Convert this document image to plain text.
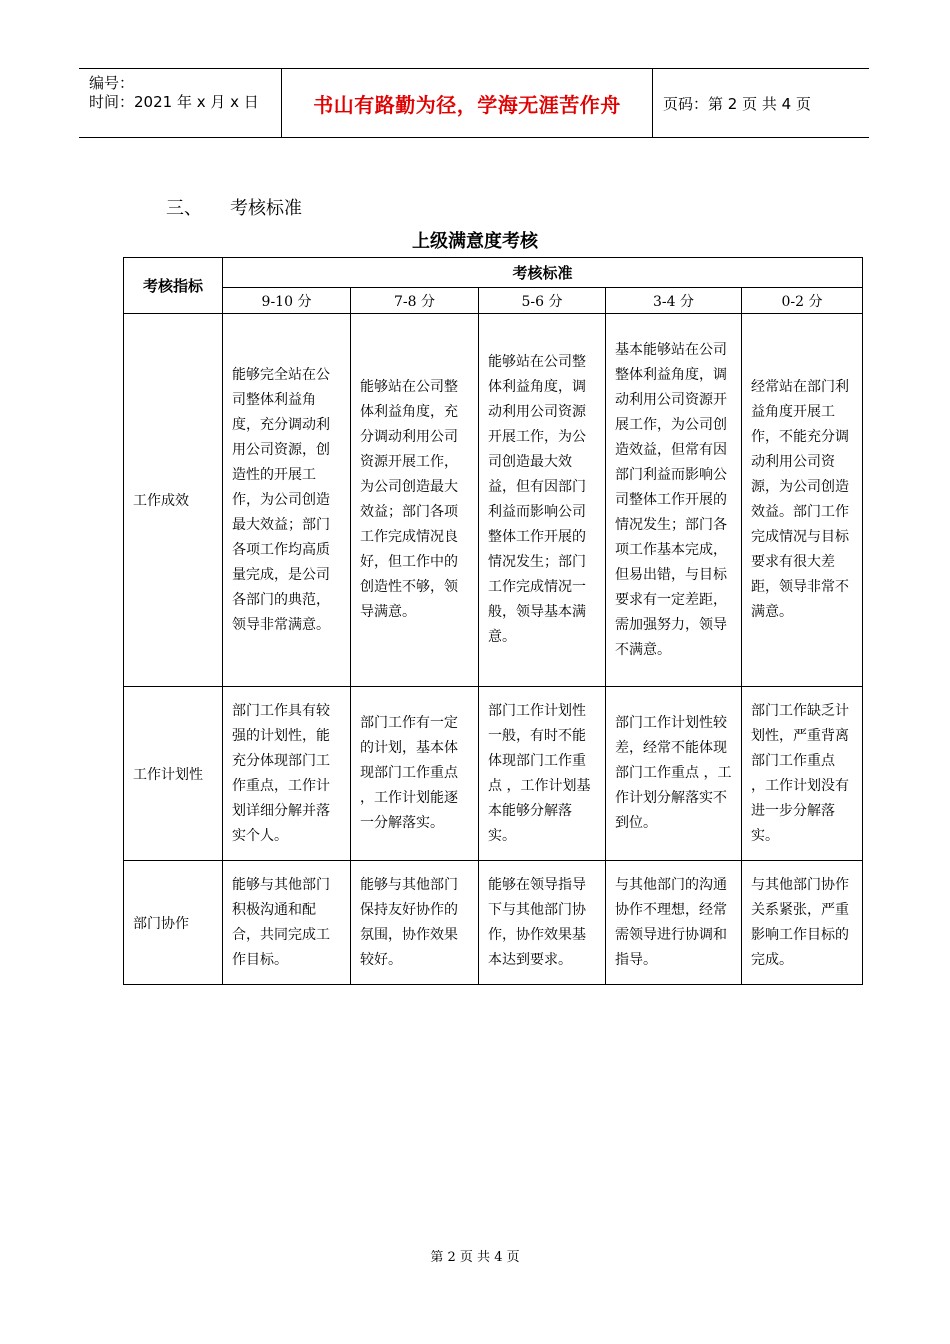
编号：
时间：2021 年 x 月 x 日	书山有路勤为径，学海无涯苦作舟	页码：第 2 页 共 4 页
三、 考核标准
上级满意度考核
考核指标	考核标准				
	9-10 分	7-8 分	5-6 分	3-4 分	0-2 分
工作成效	能够完全站在公司整体利益角度，充分调动利用公司资源，创造性的开展工作，为公司创造最大效益；部门各项工作均高质量完成，是公司各部门的典范，领导非常满意。	能够站在公司整体利益角度，充分调动利用公司资源开展工作，为公司创造最大效益；部门各项工作完成情况良好，但工作中的创造性不够，领导满意。	能够站在公司整体利益角度，调动利用公司资源开展工作，为公司创造最大效益，但有因部门利益而影响公司整体工作开展的情况发生；部门工作完成情况一般，领导基本满意。	基本能够站在公司整体利益角度，调动利用公司资源开展工作，为公司创造效益，但常有因部门利益而影响公司整体工作开展的情况发生；部门各项工作基本完成，但易出错，与目标要求有一定差距，需加强努力，领导不满意。	经常站在部门利益角度开展工作，不能充分调动利用公司资源，为公司创造效益。部门工作完成情况与目标要求有很大差距，领导非常不满意。
工作计划性	部门工作具有较强的计划性，能充分体现部门工作重点，工作计划详细分解并落实个人。	部门工作有一定的计划，基本体现部门工作重点 ，工作计划能逐一分解落实。	部门工作计划性一般，有时不能体现部门工作重点 ，工作计划基本能够分解落实。	部门工作计划性较差，经常不能体现部门工作重点 ，工作计划分解落实不到位。	部门工作缺乏计划性，严重背离部门工作重点 ，工作计划没有进一步分解落实。
部门协作	能够与其他部门积极沟通和配合，共同完成工作目标。	能够与其他部门保持友好协作的氛围，协作效果较好。	能够在领导指导下与其他部门协作，协作效果基本达到要求。	与其他部门的沟通协作不理想，经常需领导进行协调和指导。	与其他部门协作关系紧张，严重影响工作目标的完成。
第 2 页 共 4 页
